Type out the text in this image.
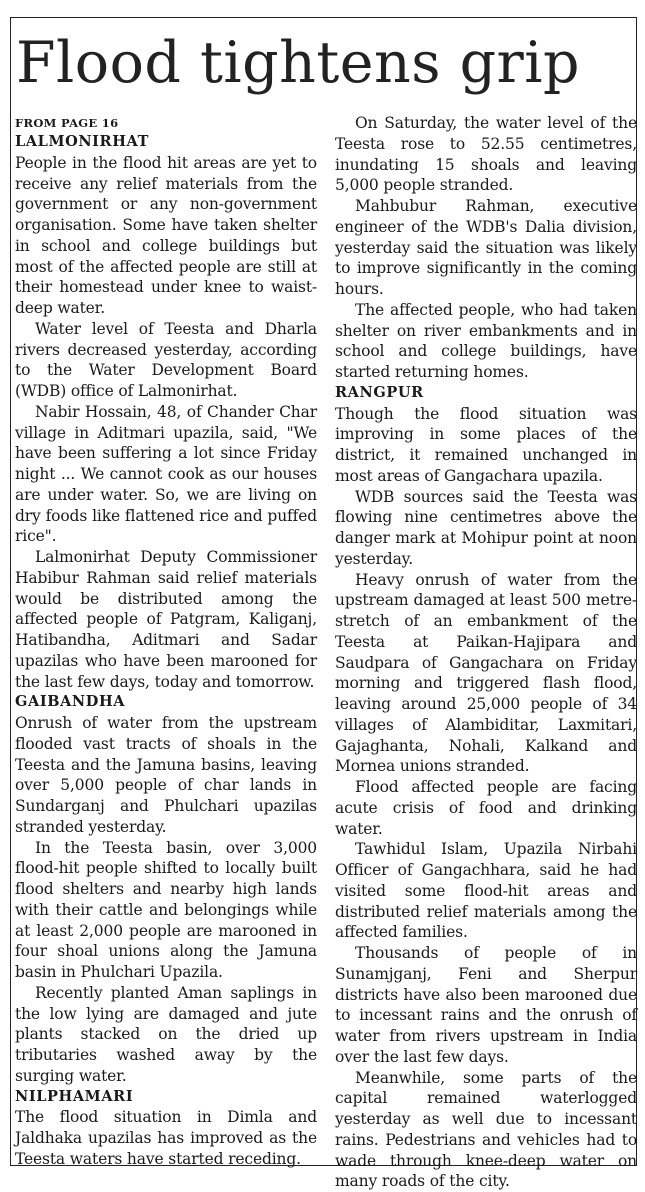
Flood tightens grip
FROM PAGE 16
LALMONIRHAT

People in the flood hit areas are yet to receive any relief materials from the government or any non-government organisation. Some have taken shelter in school and college buildings but most of the affected people are still at their homestead under knee to waist-deep water.

Water level of Teesta and Dharla rivers decreased yesterday, according to the Water Development Board (WDB) office of Lalmonirhat.

Nabir Hossain, 48, of Chander Char village in Aditmari upazila, said, "We have been suffering a lot since Friday night ... We cannot cook as our houses are under water. So, we are living on dry foods like flattened rice and puffed rice".

Lalmonirhat Deputy Commissioner Habibur Rahman said relief materials would be distributed among the affected people of Patgram, Kaliganj, Hatibandha, Aditmari and Sadar upazilas who have been marooned for the last few days, today and tomorrow.

GAIBANDHA

Onrush of water from the upstream flooded vast tracts of shoals in the Teesta and the Jamuna basins, leaving over 5,000 people of char lands in Sundarganj and Phulchari upazilas stranded yesterday.

In the Teesta basin, over 3,000 flood-hit people shifted to locally built flood shelters and nearby high lands with their cattle and belongings while at least 2,000 people are marooned in four shoal unions along the Jamuna basin in Phulchari Upazila.

Recently planted Aman saplings in the low lying are damaged and jute plants stacked on the dried up tributaries washed away by the surging water.

NILPHAMARI

The flood situation in Dimla and Jaldhaka upazilas has improved as the Teesta waters have started receding.

On Saturday, the water level of the Teesta rose to 52.55 centimetres, inundating 15 shoals and leaving 5,000 people stranded.

Mahbubur Rahman, executive engineer of the WDB's Dalia division, yesterday said the situation was likely to improve significantly in the coming hours.

The affected people, who had taken shelter on river embankments and in school and college buildings, have started returning homes.

RANGPUR

Though the flood situation was improving in some places of the district, it remained unchanged in most areas of Gangachara upazila.

WDB sources said the Teesta was flowing nine centimetres above the danger mark at Mohipur point at noon yesterday.

Heavy onrush of water from the upstream damaged at least 500 metre-stretch of an embankment of the Teesta at Paikan-Hajipara and Saudpara of Gangachara on Friday morning and triggered flash flood, leaving around 25,000 people of 34 villages of Alambiditar, Laxmitari, Gajaghanta, Nohali, Kalkand and Mornea unions stranded.

Flood affected people are facing acute crisis of food and drinking water.

Tawhidul Islam, Upazila Nirbahi Officer of Gangachhara, said he had visited some flood-hit areas and distributed relief materials among the affected families.

Thousands of people of in Sunamjganj, Feni and Sherpur districts have also been marooned due to incessant rains and the onrush of water from rivers upstream in India over the last few days.

Meanwhile, some parts of the capital remained waterlogged yesterday as well due to incessant rains. Pedestrians and vehicles had to wade through knee-deep water on many roads of the city.
